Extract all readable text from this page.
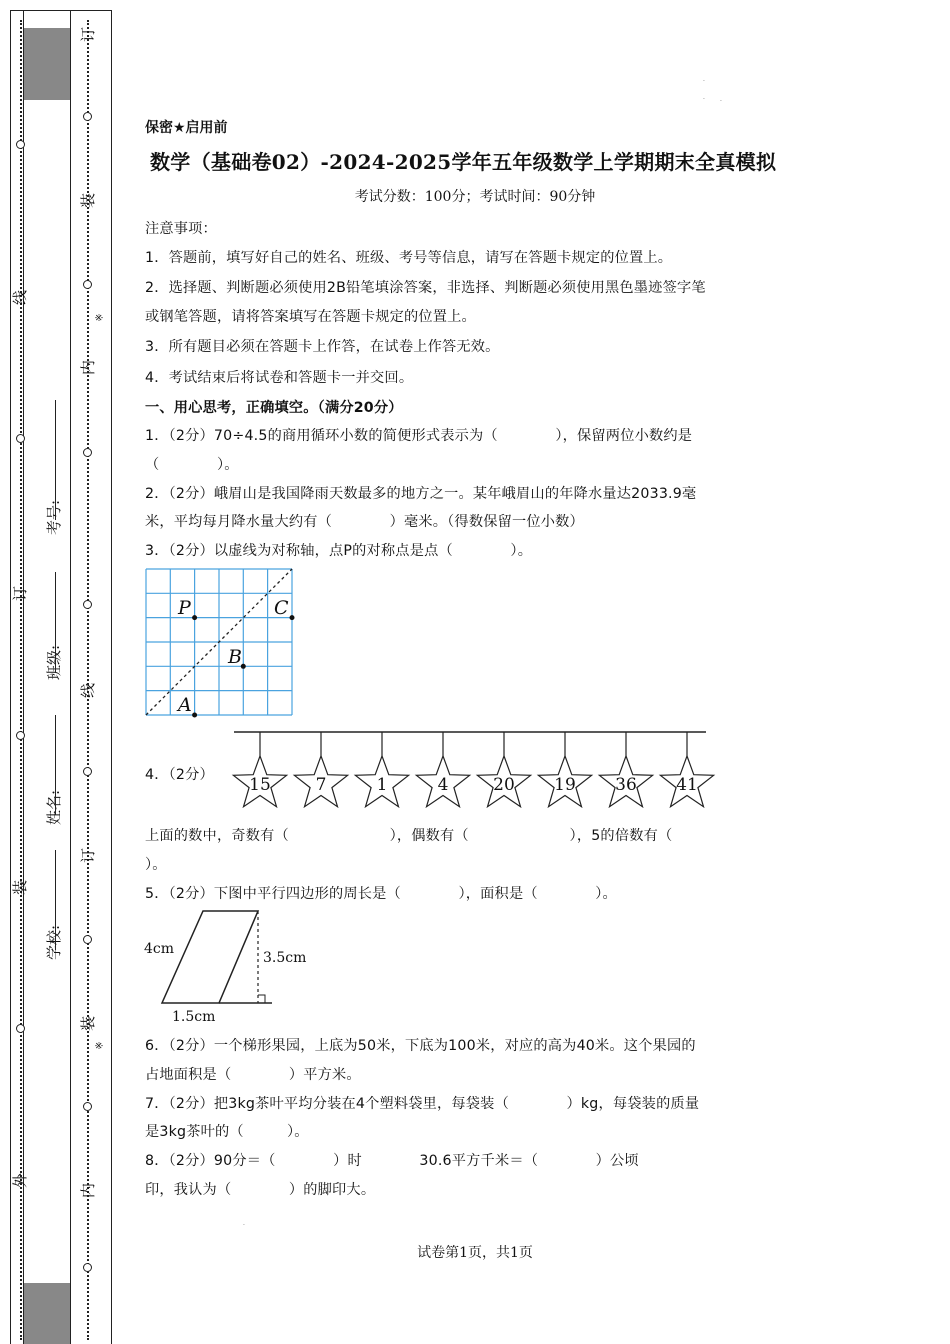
外
装
订
线
订
装
内
线
订
装
内
※
※
学校:
姓名:
班级:
考号:
·
·	·
保密★启用前
数学（基础卷02）-2024-2025学年五年级数学上学期期末全真模拟
考试分数：100分；考试时间：90分钟
注意事项：
1．答题前，填写好自己的姓名、班级、考号等信息，请写在答题卡规定的位置上。
2．选择题、判断题必须使用2B铅笔填涂答案，非选择、判断题必须使用黑色墨迹签字笔
或钢笔答题，请将答案填写在答题卡规定的位置上。
3．所有题目必须在答题卡上作答，在试卷上作答无效。
4．考试结束后将试卷和答题卡一并交回。
一、用心思考，正确填空。（满分20分）
1．（2分）70÷4.5的商用循环小数的简便形式表示为（　　　　），保留两位小数约是
（　　　　）。
2．（2分）峨眉山是我国降雨天数最多的地方之一。某年峨眉山的年降水量达2033.9毫
米，平均每月降水量大约有（　　　　）毫米。（得数保留一位小数）
3．（2分）以虚线为对称轴，点P的对称点是点（　　　　）。
P	C
B
A
4．（2分） 15	7	1	4	20 19 36 41
上面的数中，奇数有（　　　　　　　），偶数有（　　　　　　　），5的倍数有（
）。
5．（2分）下图中平行四边形的周长是（　　　　），面积是（　　　　）。
4cm
3.5cm
1.5cm
6．（2分）一个梯形果园，上底为50米，下底为100米，对应的高为40米。这个果园的
占地面积是（　　　　）平方米。
7．（2分）把3kg茶叶平均分装在4个塑料袋里，每袋装（　　　　）kg，每袋装的质量
是3kg茶叶的（　　　）。
8．（2分）90分＝（　　　　）时　　　　30.6平方千米＝（　　　　）公顷
印，我认为（　　　　）的脚印大。
·
试卷第1页，共1页
